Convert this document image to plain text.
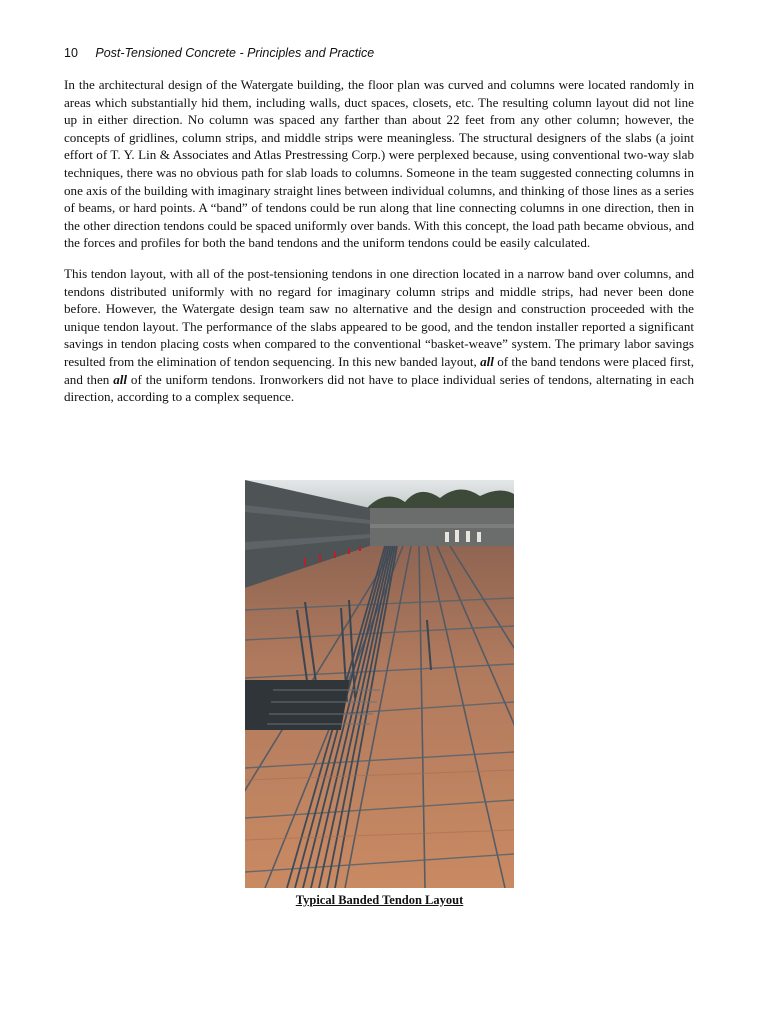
10 Post-Tensioned Concrete - Principles and Practice

In the architectural design of the Watergate building, the floor plan was curved and columns were located randomly in areas which substantially hid them, including walls, duct spaces, closets, etc. The resulting column layout did not line up in either direction. No column was spaced any farther than about 22 feet from any other column; however, the concepts of gridlines, column strips, and middle strips were meaningless. The structural designers of the slabs (a joint effort of T. Y. Lin & Associates and Atlas Prestressing Corp.) were perplexed because, using conventional two-way slab techniques, there was no obvious path for slab loads to columns. Someone in the team suggested connecting columns in one axis of the building with imaginary straight lines between individual columns, and thinking of those lines as a series of beams, or hard points. A “band” of tendons could be run along that line connecting columns in one direction, then in the other direction tendons could be spaced uniformly over bands. With this concept, the load path became obvious, and the forces and profiles for both the band tendons and the uniform tendons could be easily calculated.

This tendon layout, with all of the post-tensioning tendons in one direction located in a narrow band over columns, and tendons distributed uniformly with no regard for imaginary column strips and middle strips, had never been done before. However, the Watergate design team saw no alternative and the design and construction proceeded with the unique tendon layout. The performance of the slabs appeared to be good, and the tendon installer reported a significant savings in tendon placing costs when compared to the conventional “basket-weave” system. The primary labor savings resulted from the elimination of tendon sequencing. In this new banded layout, all of the band tendons were placed first, and then all of the uniform tendons. Ironworkers did not have to place individual series of tendons, alternating in each direction, according to a complex sequence.

Typical Banded Tendon Layout
